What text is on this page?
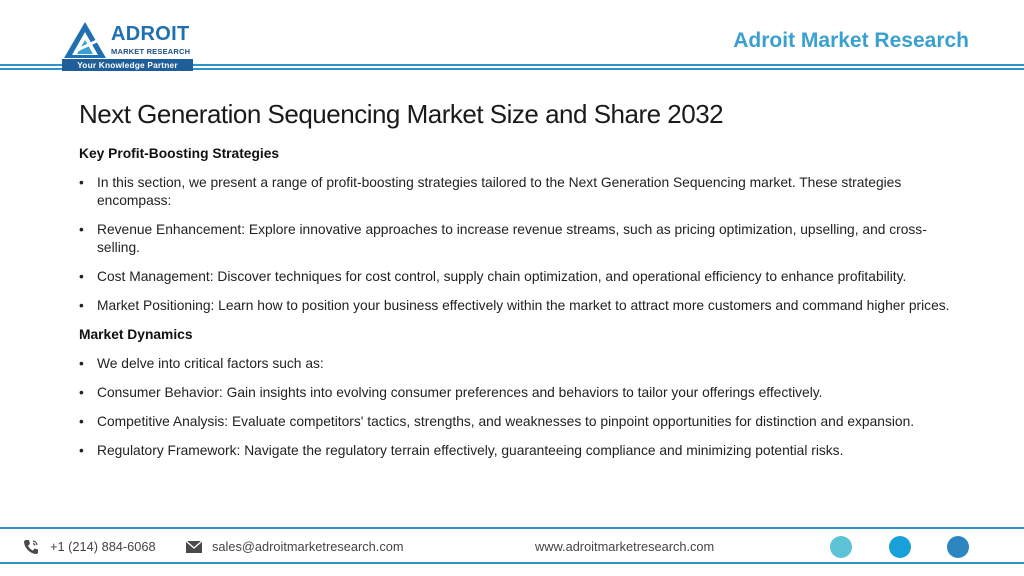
ADROIT
MARKET RESEARCH
Your Knowledge Partner
Adroit Market Research
Next Generation Sequencing Market Size and Share 2032
Key Profit-Boosting Strategies
• In this section, we present a range of profit-boosting strategies tailored to the Next Generation Sequencing market. These strategies encompass:
• Revenue Enhancement: Explore innovative approaches to increase revenue streams, such as pricing optimization, upselling, and cross-selling.
• Cost Management: Discover techniques for cost control, supply chain optimization, and operational efficiency to enhance profitability.
• Market Positioning: Learn how to position your business effectively within the market to attract more customers and command higher prices.
Market Dynamics
• We delve into critical factors such as:
• Consumer Behavior: Gain insights into evolving consumer preferences and behaviors to tailor your offerings effectively.
• Competitive Analysis: Evaluate competitors' tactics, strengths, and weaknesses to pinpoint opportunities for distinction and expansion.
• Regulatory Framework: Navigate the regulatory terrain effectively, guaranteeing compliance and minimizing potential risks.
+1 (214) 884-6068	sales@adroitmarketresearch.com	www.adroitmarketresearch.com
